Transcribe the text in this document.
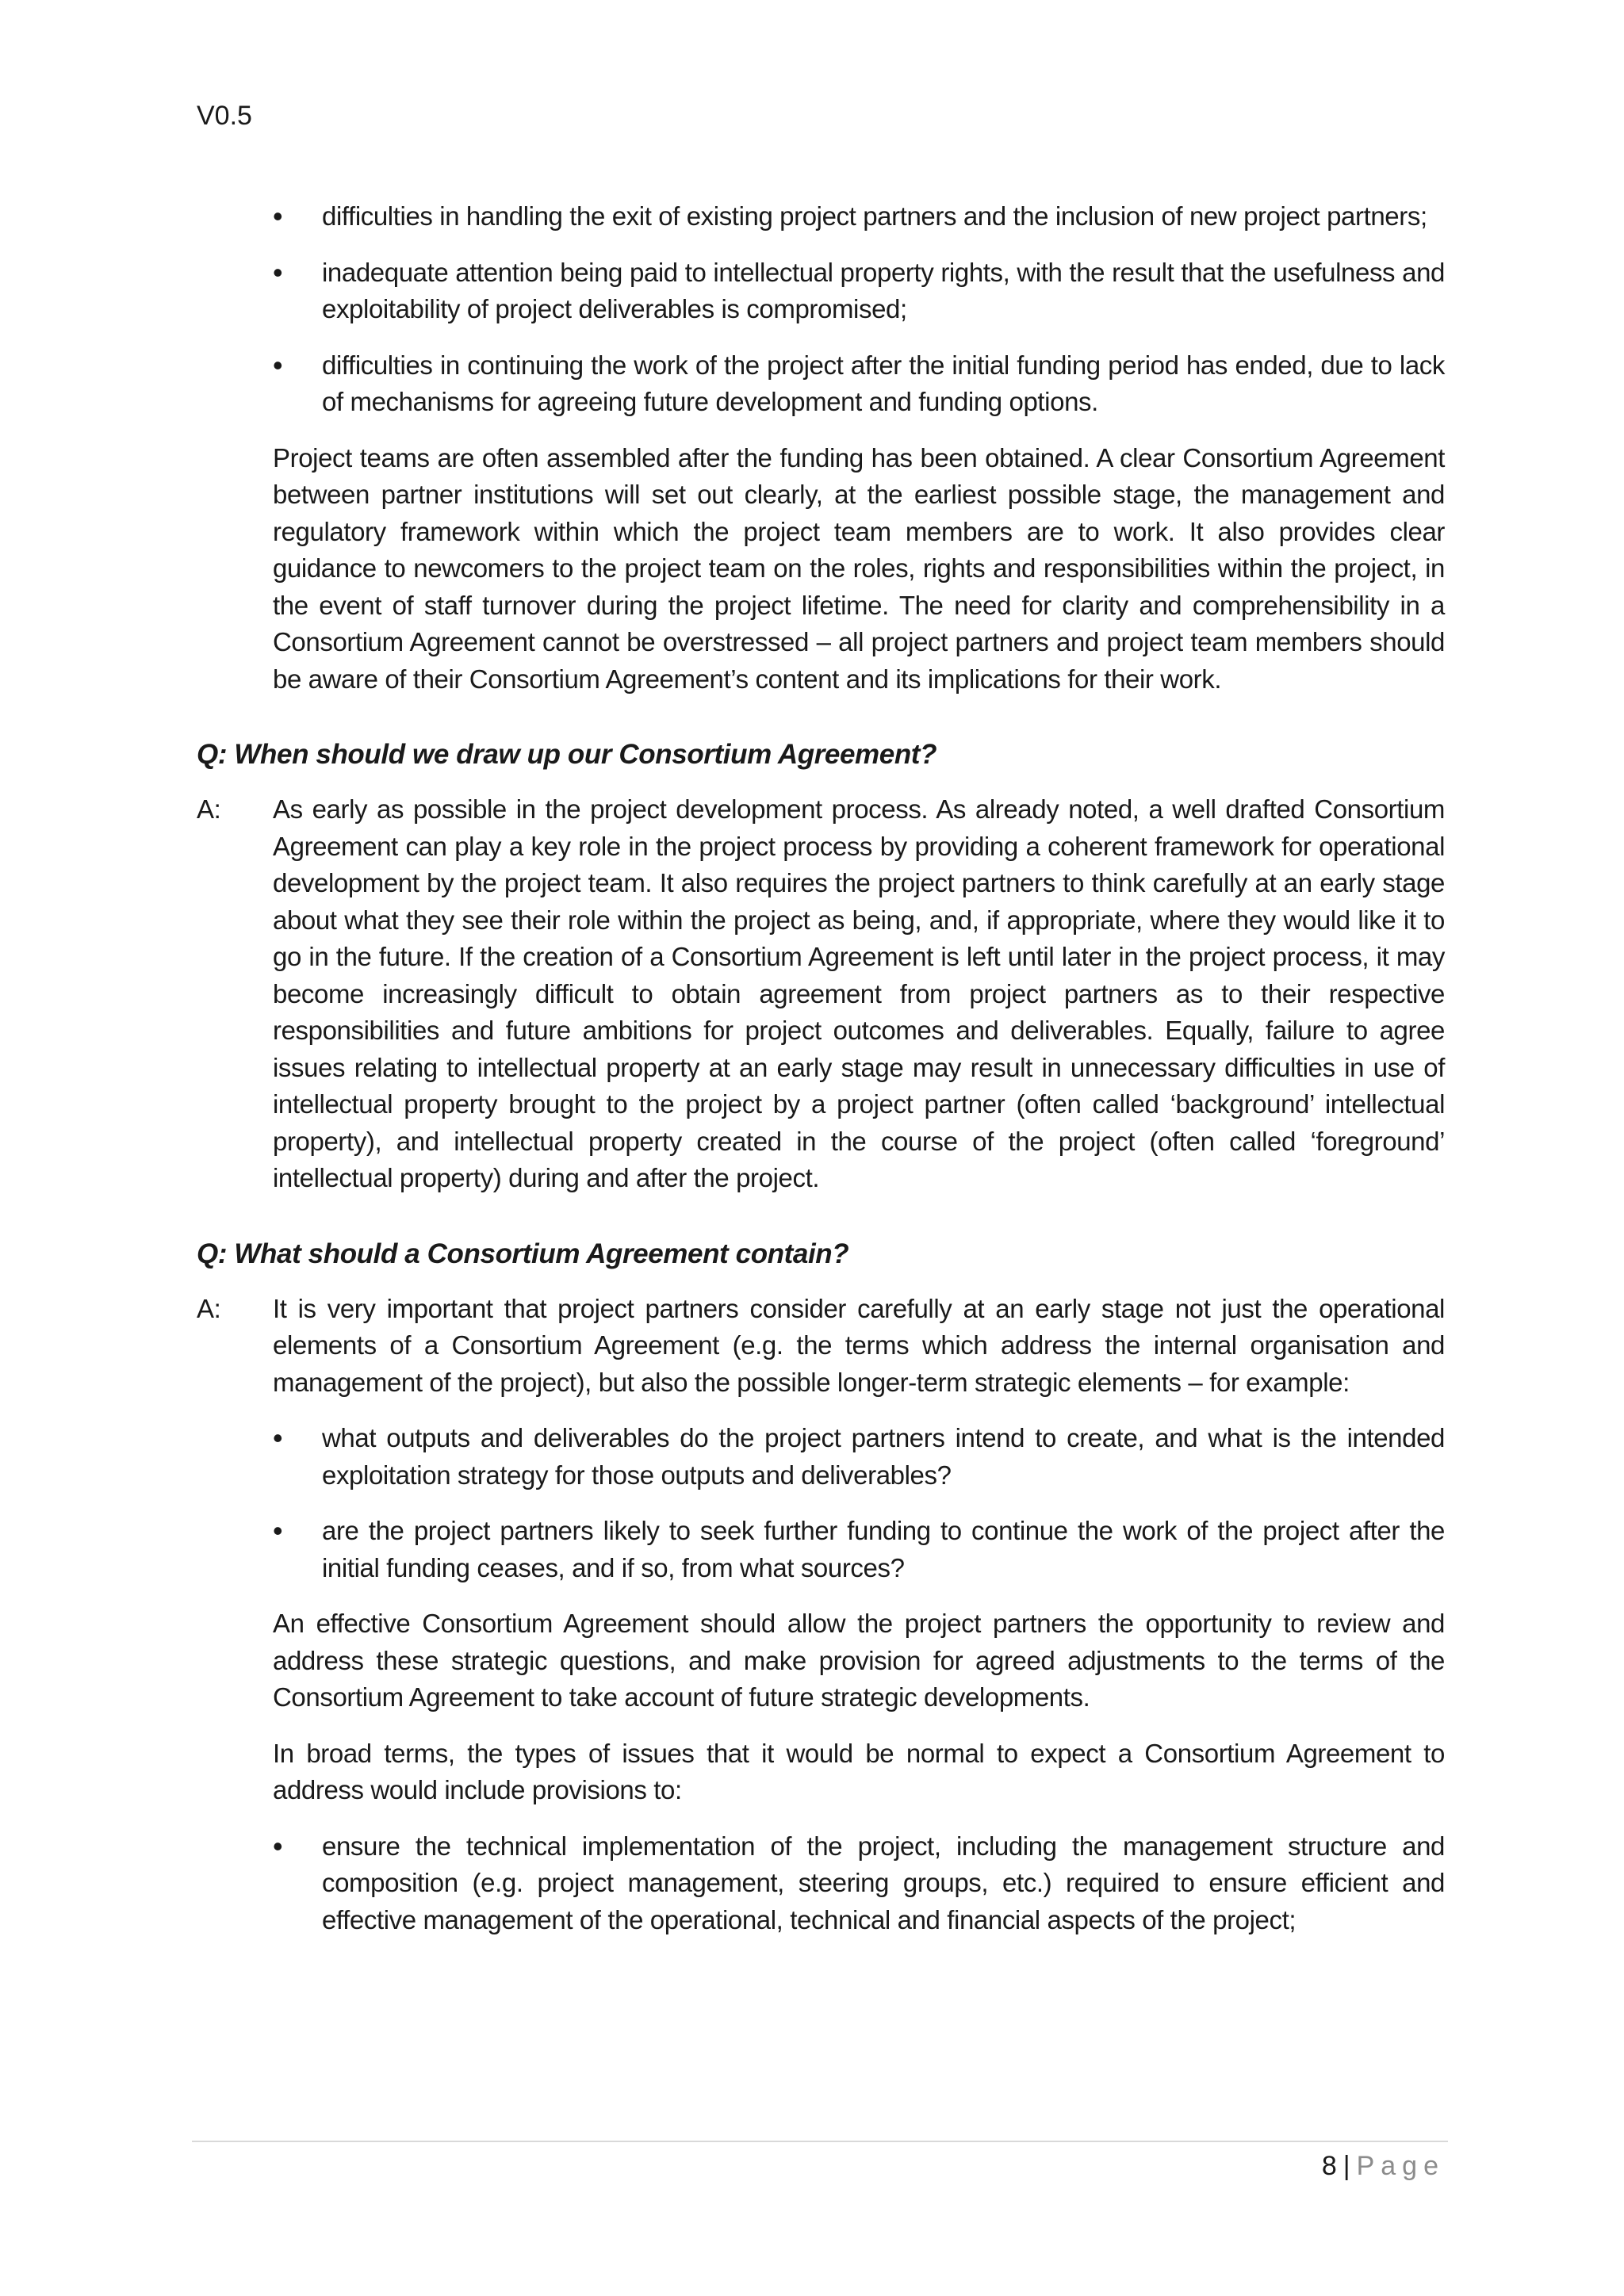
V0.5
• difficulties in handling the exit of existing project partners and the inclusion of new project partners;
• inadequate attention being paid to intellectual property rights, with the result that the usefulness and exploitability of project deliverables is compromised;
• difficulties in continuing the work of the project after the initial funding period has ended, due to lack of mechanisms for agreeing future development and funding options.

Project teams are often assembled after the funding has been obtained. A clear Consortium Agreement between partner institutions will set out clearly, at the earliest possible stage, the management and regulatory framework within which the project team members are to work. It also provides clear guidance to newcomers to the project team on the roles, rights and responsibilities within the project, in the event of staff turnover during the project lifetime. The need for clarity and comprehensibility in a Consortium Agreement cannot be overstressed – all project partners and project team members should be aware of their Consortium Agreement’s content and its implications for their work.

Q: When should we draw up our Consortium Agreement?
A: As early as possible in the project development process. As already noted, a well drafted Consortium Agreement can play a key role in the project process by providing a coherent framework for operational development by the project team. It also requires the project partners to think carefully at an early stage about what they see their role within the project as being, and, if appropriate, where they would like it to go in the future. If the creation of a Consortium Agreement is left until later in the project process, it may become increasingly difficult to obtain agreement from project partners as to their respective responsibilities and future ambitions for project outcomes and deliverables. Equally, failure to agree issues relating to intellectual property at an early stage may result in unnecessary difficulties in use of intellectual property brought to the project by a project partner (often called ‘background’ intellectual property), and intellectual property created in the course of the project (often called ‘foreground’ intellectual property) during and after the project.

Q: What should a Consortium Agreement contain?
A: It is very important that project partners consider carefully at an early stage not just the operational elements of a Consortium Agreement (e.g. the terms which address the internal organisation and management of the project), but also the possible longer-term strategic elements – for example:

• what outputs and deliverables do the project partners intend to create, and what is the intended exploitation strategy for those outputs and deliverables?
• are the project partners likely to seek further funding to continue the work of the project after the initial funding ceases, and if so, from what sources?

An effective Consortium Agreement should allow the project partners the opportunity to review and address these strategic questions, and make provision for agreed adjustments to the terms of the Consortium Agreement to take account of future strategic developments.

In broad terms, the types of issues that it would be normal to expect a Consortium Agreement to address would include provisions to:

• ensure the technical implementation of the project, including the management structure and composition (e.g. project management, steering groups, etc.) required to ensure efficient and effective management of the operational, technical and financial aspects of the project;
8 | Page
